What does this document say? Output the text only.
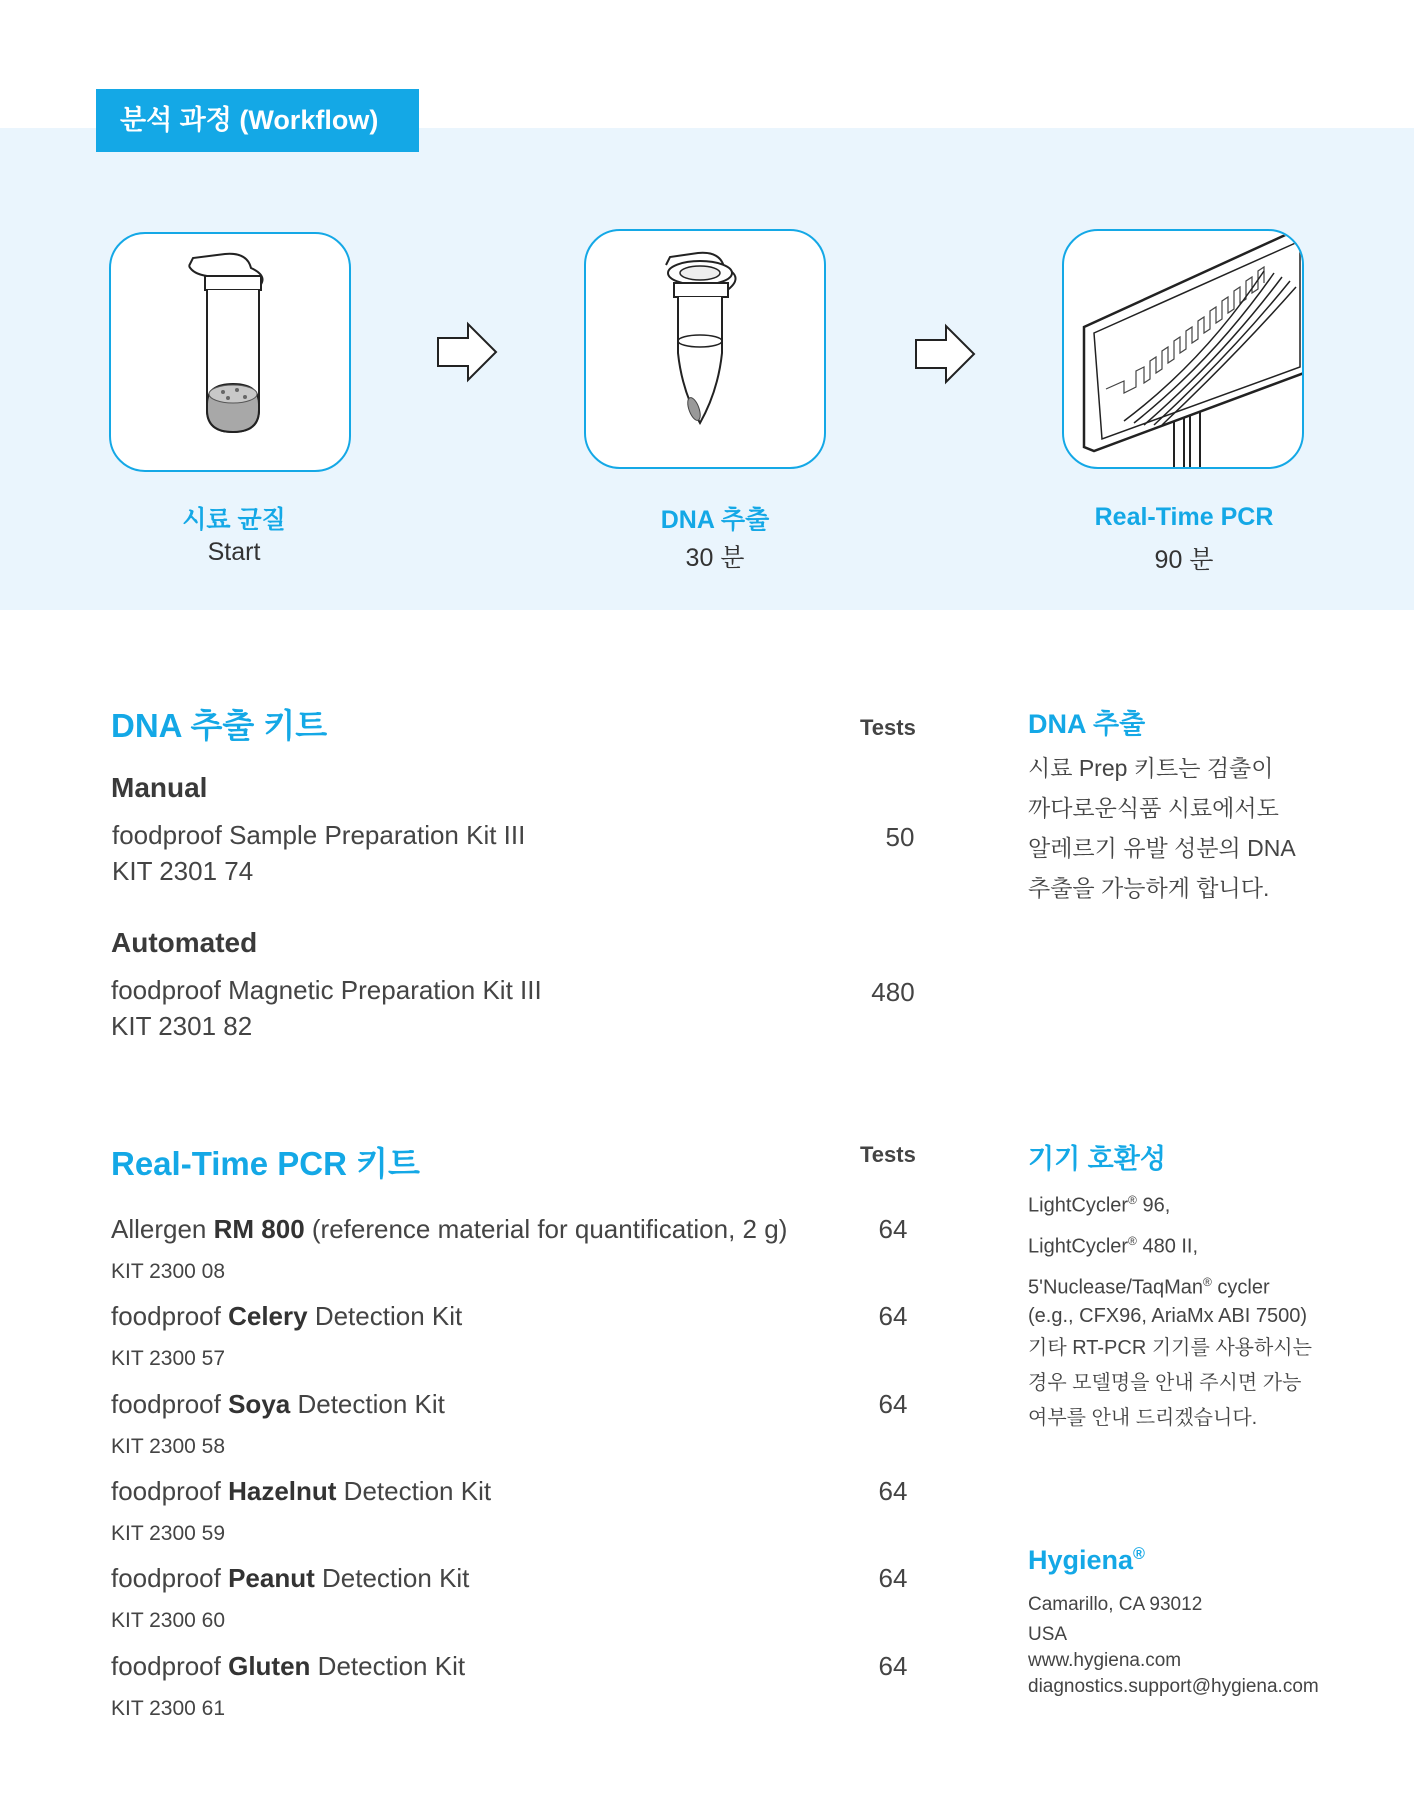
분석 과정 (Workflow)
시료 균질
Start
DNA 추출
30 분
Real-Time PCR
90 분
DNA 추출 키트	Tests
Manual
foodproof Sample Preparation Kit III
KIT 2301 74
50
Automated
foodproof Magnetic Preparation Kit III
KIT 2301 82
480
DNA 추출
시료 Prep 키트는 검출이
까다로운식품 시료에서도
알레르기 유발 성분의 DNA
추출을 가능하게 합니다.
Real-Time PCR 키트	Tests
Allergen RM 800 (reference material for quantification, 2 g)
KIT 2300 08
64
foodproof Celery Detection Kit
KIT 2300 57
64
foodproof Soya Detection Kit
KIT 2300 58
64
foodproof Hazelnut Detection Kit
KIT 2300 59
64
foodproof Peanut Detection Kit
KIT 2300 60
64
foodproof Gluten Detection Kit
KIT 2300 61
64
기기 호환성
LightCycler® 96,
LightCycler® 480 II,
5'Nuclease/TaqMan® cycler
(e.g., CFX96, AriaMx ABI 7500)
기타 RT-PCR 기기를 사용하시는
경우 모델명을 안내 주시면 가능
여부를 안내 드리겠습니다.
Hygiena®
Camarillo, CA 93012
USA
www.hygiena.com
diagnostics.support@hygiena.com
